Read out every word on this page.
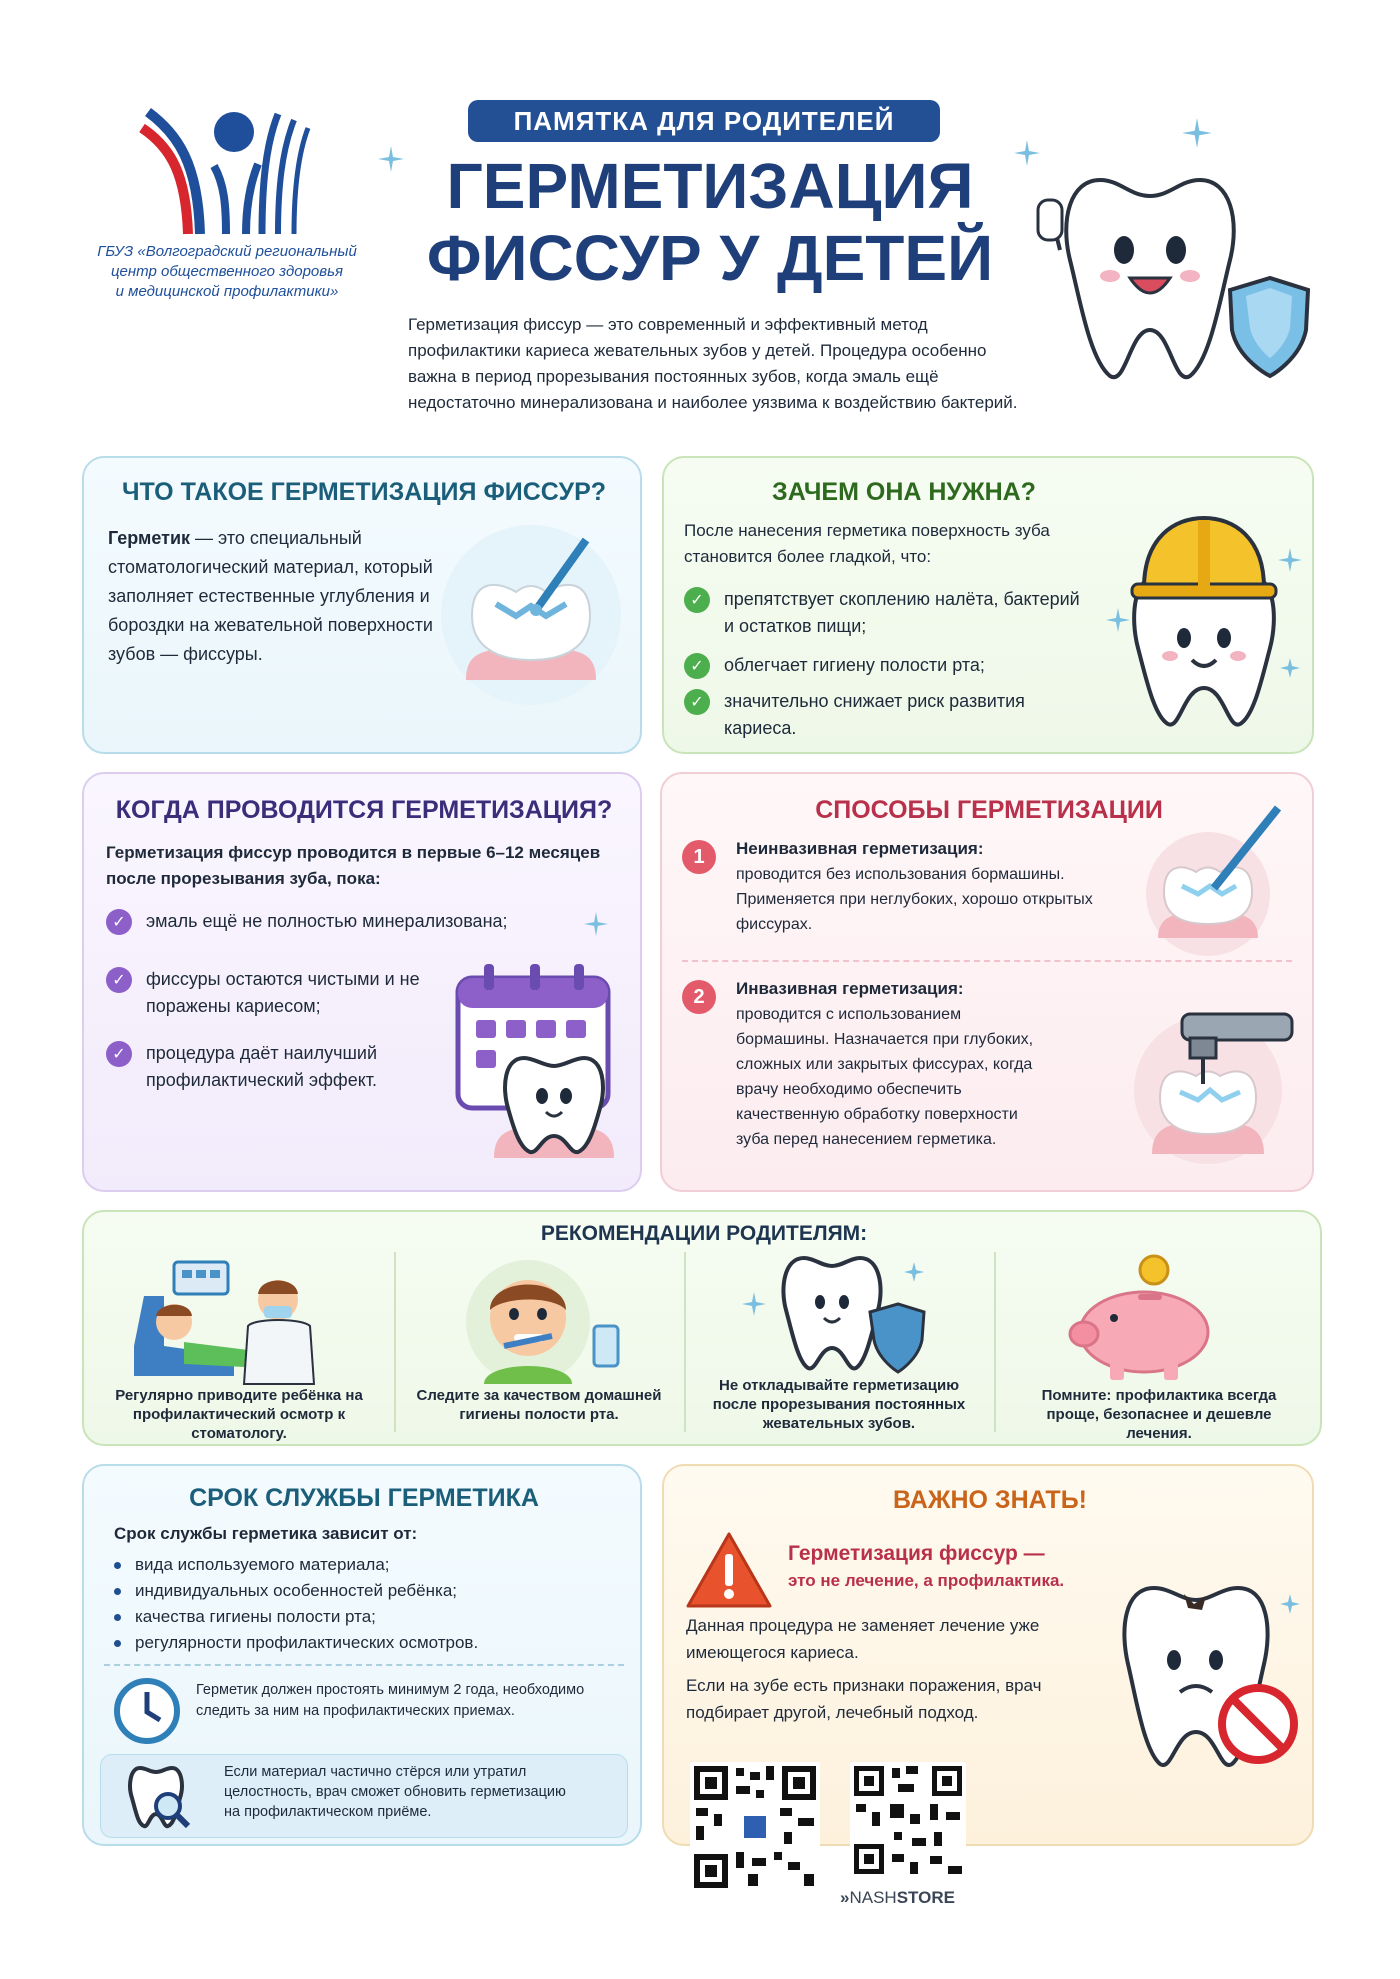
ГБУЗ «Волгоградский региональный
центр общественного здоровья
и медицинской профилактики»
ПАМЯТКА ДЛЯ РОДИТЕЛЕЙ
ГЕРМЕТИЗАЦИЯ
ФИССУР У ДЕТЕЙ
Герметизация фиссур — это современный и эффективный метод профилактики кариеса жевательных зубов у детей. Процедура особенно важна в период прорезывания постоянных зубов, когда эмаль ещё недостаточно минерализована и наиболее уязвима к воздействию бактерий.
ЧТО ТАКОЕ ГЕРМЕТИЗАЦИЯ ФИССУР?
Герметик — это специальный стоматологический материал, который заполняет естественные углубления и бороздки на жевательной поверхности зубов — фиссуры.
ЗАЧЕМ ОНА НУЖНА?
После нанесения герметика поверхность зуба становится более гладкой, что:
✓	препятствует скоплению налёта, бактерий и остатков пищи;
✓	облегчает гигиену полости рта;
✓	значительно снижает риск развития кариеса.
КОГДА ПРОВОДИТСЯ ГЕРМЕТИЗАЦИЯ?
Герметизация фиссур проводится в первые 6–12 месяцев после прорезывания зуба, пока:
✓	эмаль ещё не полностью минерализована;
✓	фиссуры остаются чистыми и не поражены кариесом;
✓	процедура даёт наилучший профилактический эффект.
СПОСОБЫ ГЕРМЕТИЗАЦИИ
1	Неинвазивная герметизация:
проводится без использования бормашины. Применяется при неглубоких, хорошо открытых фиссурах.
2	Инвазивная герметизация:
проводится с использованием бормашины. Назначается при глубоких, сложных или закрытых фиссурах, когда врачу необходимо обеспечить качественную обработку поверхности зуба перед нанесением герметика.
РЕКОМЕНДАЦИИ РОДИТЕЛЯМ:
Регулярно приводите ребёнка на профилактический осмотр к стоматологу.
Следите за качеством домашней гигиены полости рта.
Не откладывайте герметизацию после прорезывания постоянных жевательных зубов.
Помните: профилактика всегда проще, безопаснее и дешевле лечения.
СРОК СЛУЖБЫ ГЕРМЕТИКА
Срок службы герметика зависит от:
вида используемого материала;
индивидуальных особенностей ребёнка;
качества гигиены полости рта;
регулярности профилактических осмотров.
Герметик должен простоять минимум 2 года, необходимо следить за ним на профилактических приемах.
Если материал частично стёрся или утратил целостность, врач сможет обновить герметизацию на профилактическом приёме.
ВАЖНО ЗНАТЬ!
Герметизация фиссур —
это не лечение, а профилактика.
Данная процедура не заменяет лечение уже имеющегося кариеса.
Если на зубе есть признаки поражения, врач подбирает другой, лечебный подход.
»NASHSTORE
